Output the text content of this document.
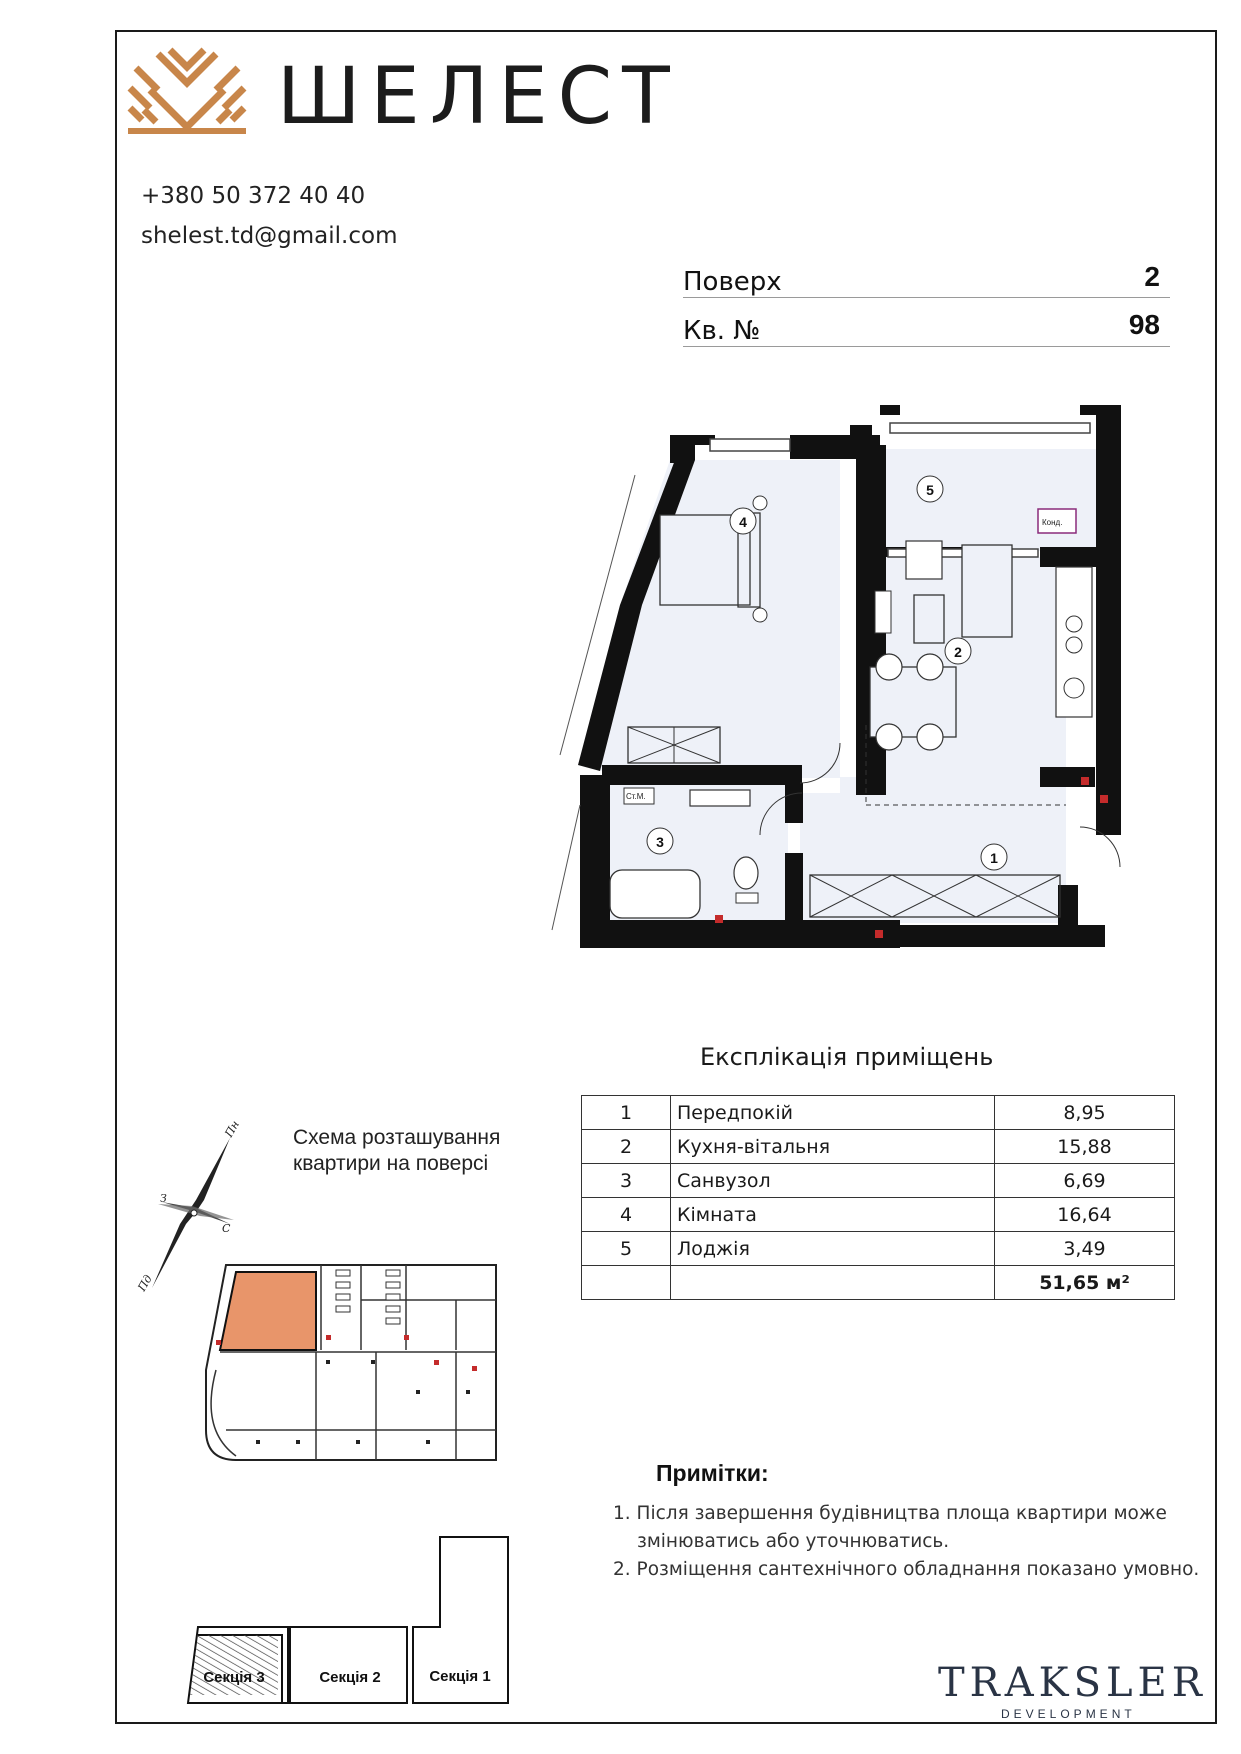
ШЕЛЕСТ
+380 50 372 40 40
shelest.td@gmail.com
Поверх	2
Кв. №	98
Конд.
Ст.М.
1
2
3
4
5
Експлікація приміщень
1	Передпокій	8,95
2	Кухня-вітальня	15,88
3	Санвузол	6,69
4	Кімната	16,64
5	Лоджія	3,49
		51,65 м²
Схема розташування
квартири на поверсі
Пн
Пд
З
С
Секція 3	Секція 2	Секція 1
Примітки:
1. Після завершення будівництва площа квартири може
змінюватись або уточнюватись.
2. Розміщення сантехнічного обладнання показано умовно.
TRAKSLER
DEVELOPMENT
